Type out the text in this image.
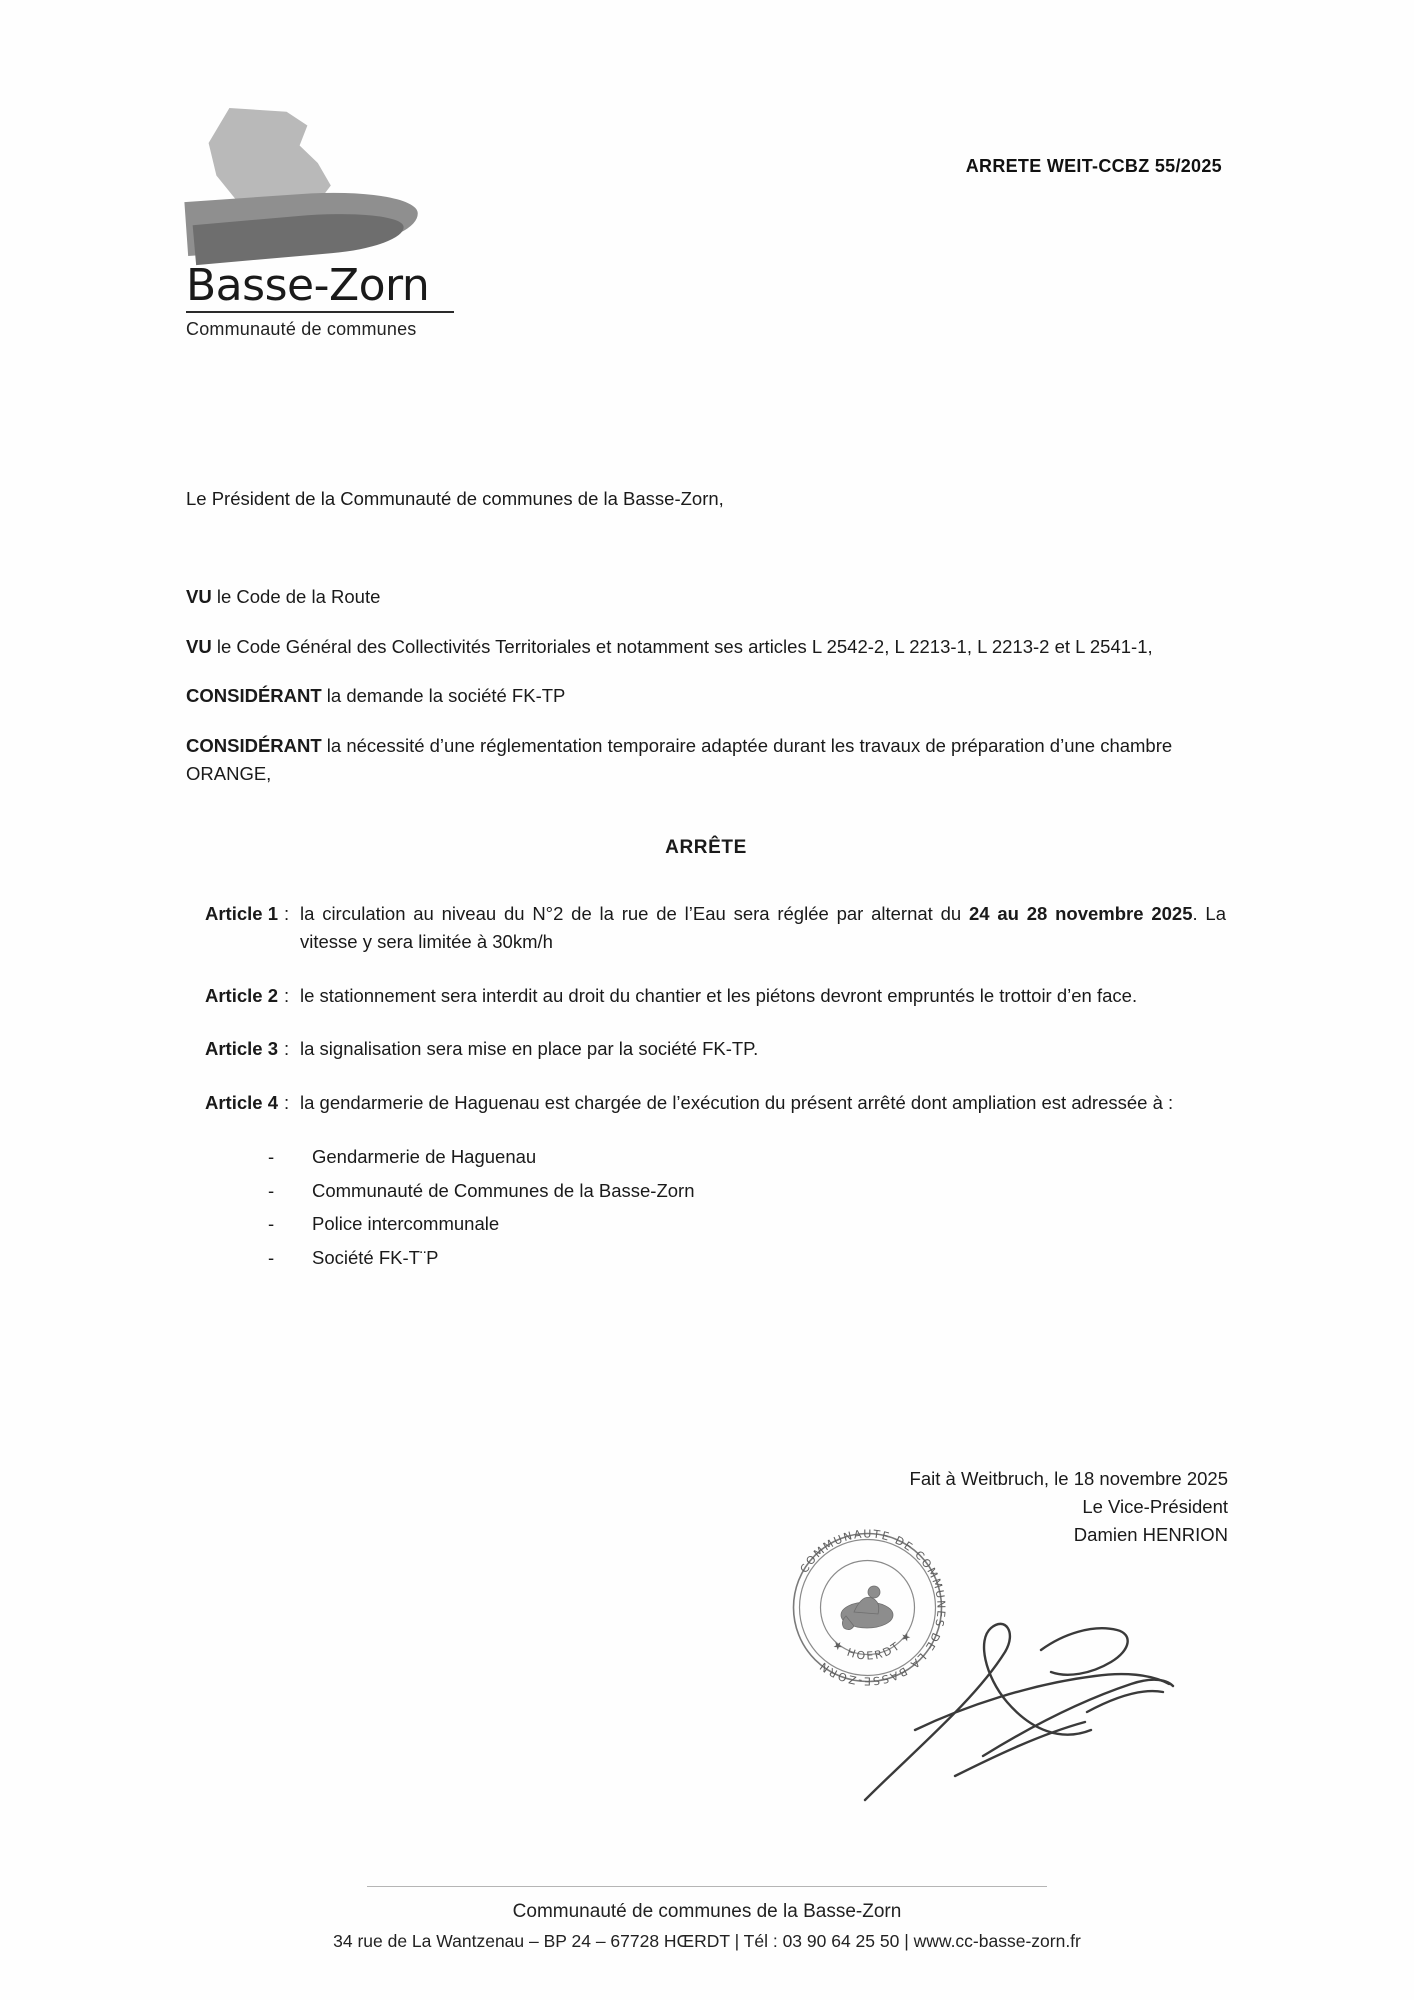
Basse-Zorn
Communauté de communes
ARRETE WEIT-CCBZ 55/2025
Le Président de la Communauté de communes de la Basse-Zorn,
VU le Code de la Route
VU le Code Général des Collectivités Territoriales et notamment ses articles L 2542-2, L 2213-1, L 2213-2 et L 2541-1,
CONSIDÉRANT la demande la société FK-TP
CONSIDÉRANT la nécessité d’une réglementation temporaire adaptée durant les travaux de préparation d’une chambre ORANGE,
ARRÊTE
Article 1 : la circulation au niveau du N°2 de la rue de l’Eau sera réglée par alternat du 24 au 28 novembre 2025. La vitesse y sera limitée à 30km/h
Article 2 : le stationnement sera interdit au droit du chantier et les piétons devront empruntés le trottoir d’en face.
Article 3 : la signalisation sera mise en place par la société FK-TP.
Article 4 : la gendarmerie de Haguenau est chargée de l’exécution du présent arrêté dont ampliation est adressée à :
- Gendarmerie de Haguenau
- Communauté de Communes de la Basse-Zorn
- Police intercommunale
- Société FK-T¨P
Fait à Weitbruch, le 18 novembre 2025
Le Vice-Président
Damien HENRION
COMMUNAUTE DE COMMUNES DE LA BASSE-ZORN
★ HOERDT ★
Communauté de communes de la Basse-Zorn
34 rue de La Wantzenau – BP 24 – 67728 HŒRDT | Tél : 03 90 64 25 50 | www.cc-basse-zorn.fr
